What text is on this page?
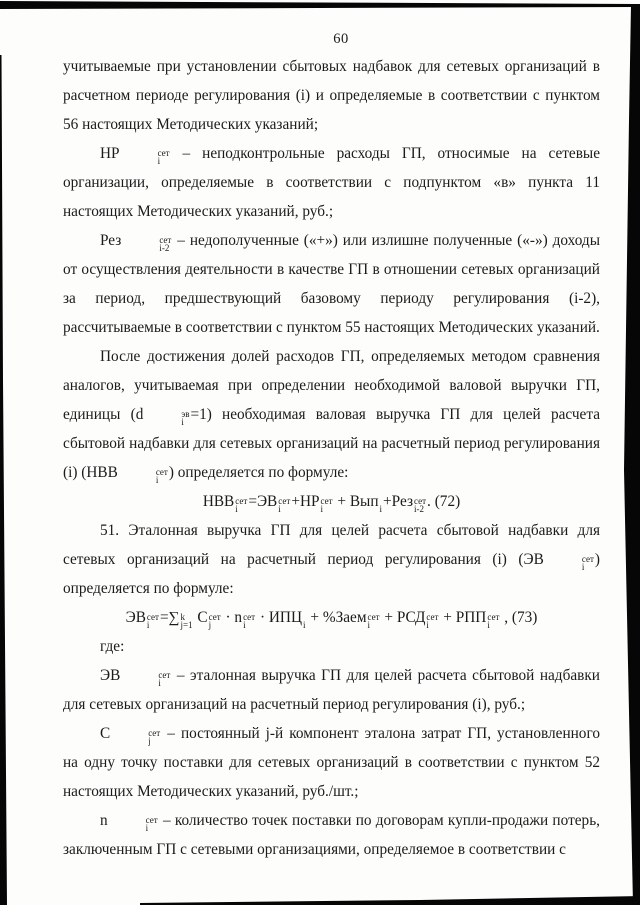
60
учитываемые при установлении сбытовых надбавок для сетевых организаций в расчетном периоде регулирования (i) и определяемые в соответствии с пунктом 56 настоящих Методических указаний;
НР	сет
i – неподконтрольные расходы ГП, относимые на сетевые организации, определяемые в соответствии с подпунктом «в» пункта 11 настоящих Методических указаний, руб.;
Рез	сет
i-2 – недополученные («+») или излишне полученные («-») доходы от осуществления деятельности в качестве ГП в отношении сетевых организаций за период, предшествующий базовому периоду регулирования (i-2), рассчитываемые в соответствии с пунктом 55 настоящих Методических указаний.
После достижения долей расходов ГП, определяемых методом сравнения аналогов, учитываемая при определении необходимой валовой выручки ГП, единицы (d	эв
i =1) необходимая валовая выручка ГП для целей расчета сбытовой надбавки для сетевых организаций на расчетный период регулирования (i) (НВВ	сет
i ) определяется по формуле:
НВВ сет
i =ЭВ сет
i +НР сет
i + Вып
i +Рез сет
i-2 . (72)
51. Эталонная выручка ГП для целей расчета сбытовой надбавки для сетевых организаций на расчетный период регулирования (i) (ЭВ	сет
i ) определяется по формуле:
ЭВ сет
i =∑ k
j=1 C сет
j · n сет
i · ИПЦ
i + %Заем сет
i + РСД сет
i + РПП сет
i , (73)
где:
ЭВ	сет
i – эталонная выручка ГП для целей расчета сбытовой надбавки для сетевых организаций на расчетный период регулирования (i), руб.;
C	сет
j – постоянный j-й компонент эталона затрат ГП, установленного на одну точку поставки для сетевых организаций в соответствии с пунктом 52 настоящих Методических указаний, руб./шт.;
n	сет
i – количество точек поставки по договорам купли-продажи потерь, заключенным ГП с сетевыми организациями, определяемое в соответствии с
